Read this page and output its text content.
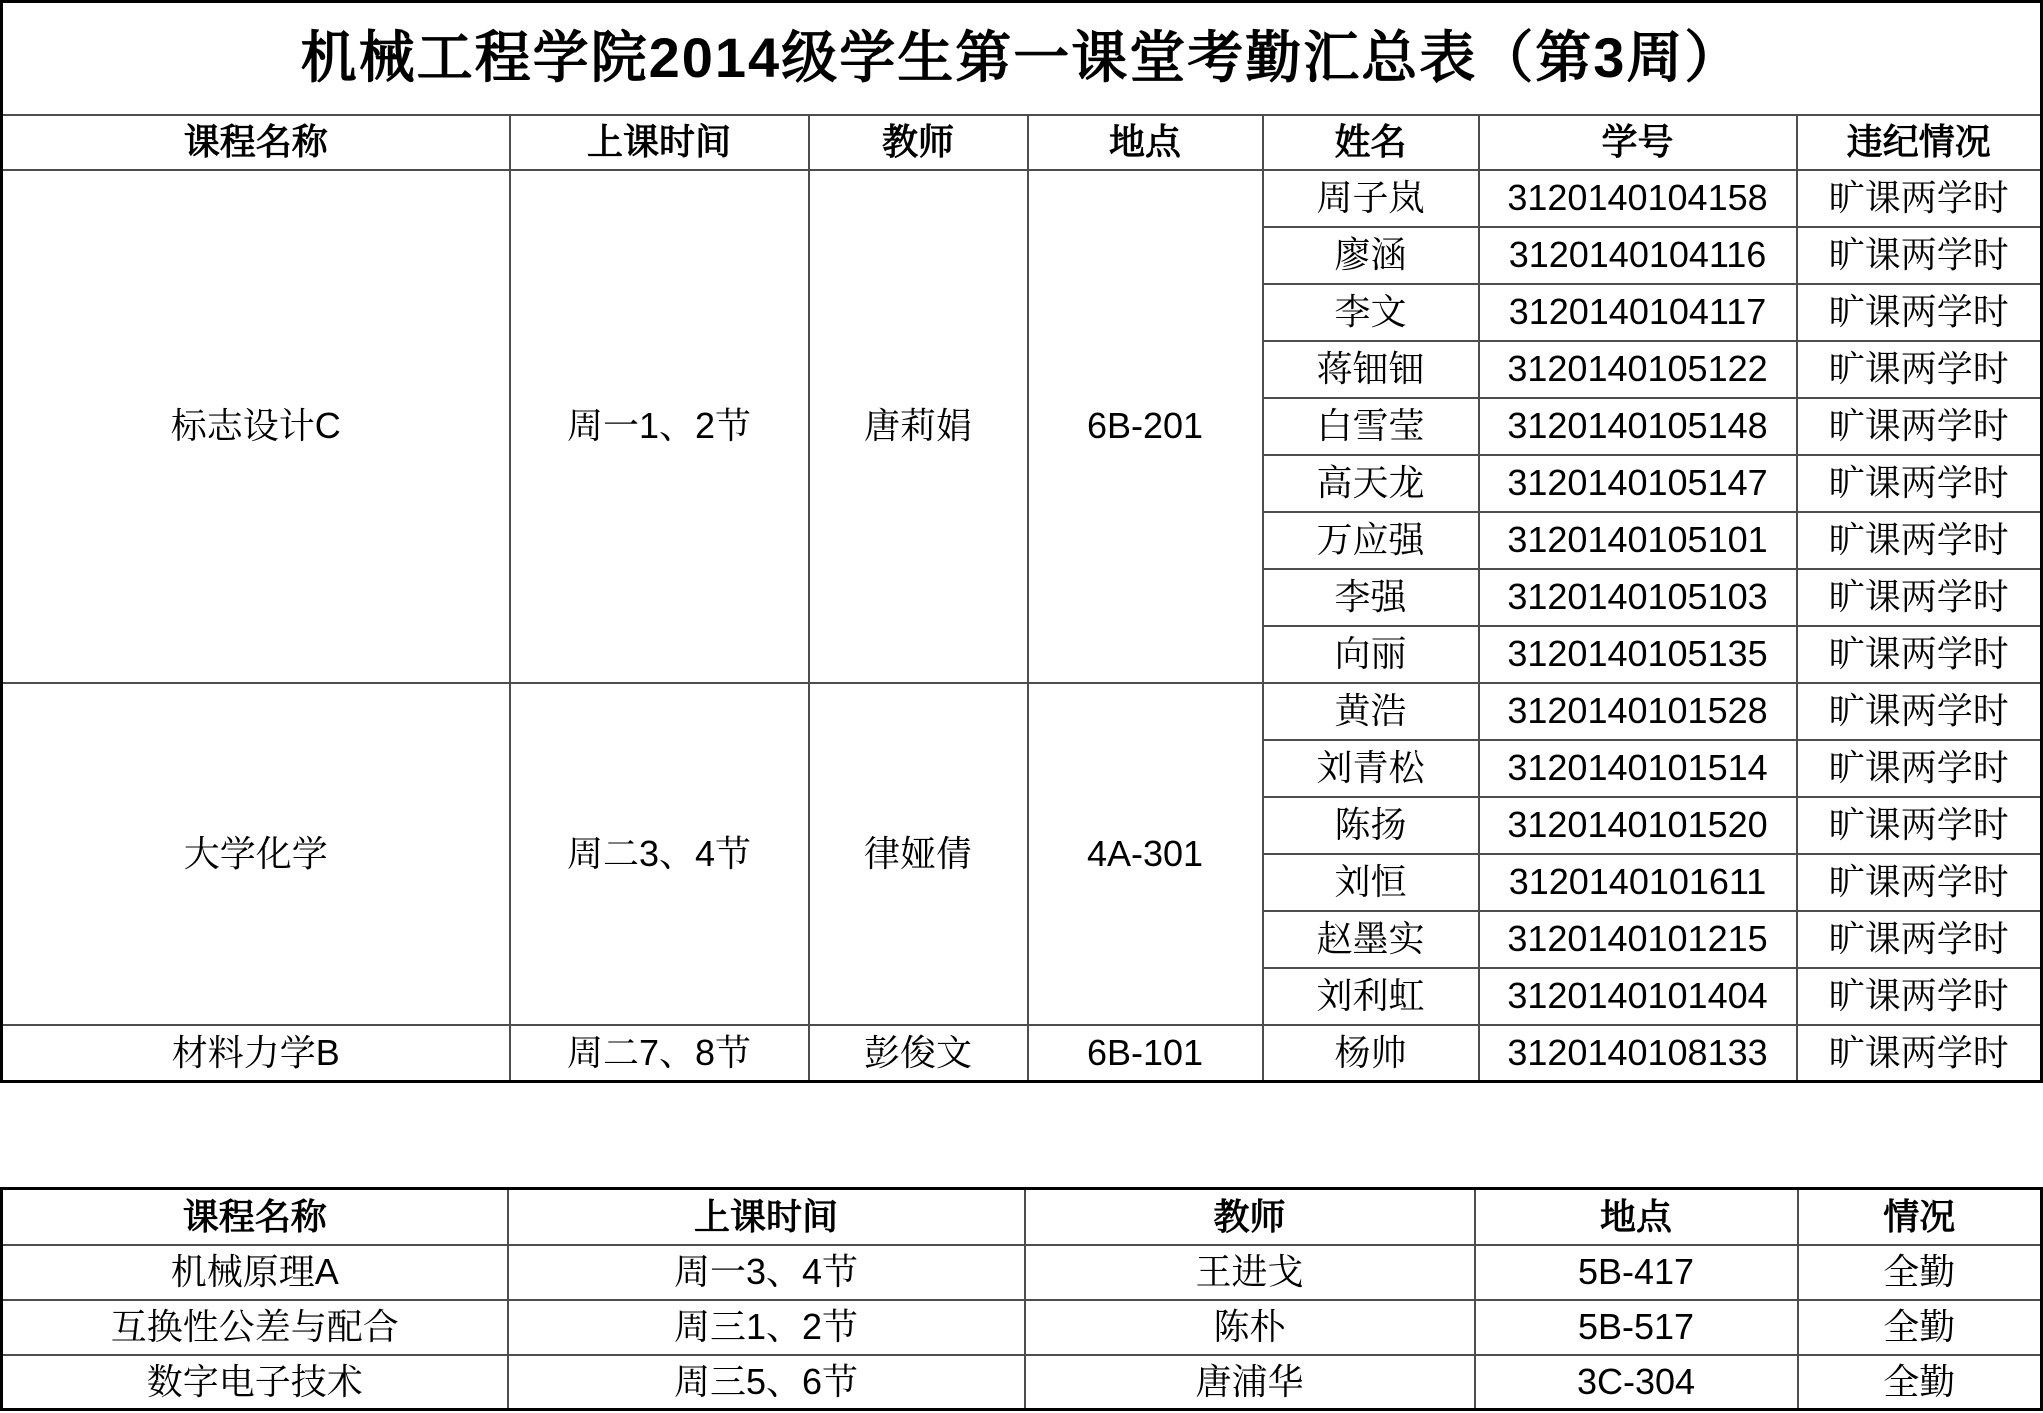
机械工程学院2014级学生第一课堂考勤汇总表（第3周）						
课程名称	上课时间	教师	地点	姓名	学号	违纪情况
标志设计C	周一1、2节	唐莉娟	6B-201	周子岚	3120140104158	旷课两学时
				廖涵	3120140104116	旷课两学时
				李文	3120140104117	旷课两学时
				蒋钿钿	3120140105122	旷课两学时
				白雪莹	3120140105148	旷课两学时
				高天龙	3120140105147	旷课两学时
				万应强	3120140105101	旷课两学时
				李强	3120140105103	旷课两学时
				向丽	3120140105135	旷课两学时
大学化学	周二3、4节	律娅倩	4A-301	黄浩	3120140101528	旷课两学时
				刘青松	3120140101514	旷课两学时
				陈扬	3120140101520	旷课两学时
				刘恒	3120140101611	旷课两学时
				赵墨实	3120140101215	旷课两学时
				刘利虹	3120140101404	旷课两学时
材料力学B	周二7、8节	彭俊文	6B-101	杨帅	3120140108133	旷课两学时
课程名称	上课时间	教师	地点	情况
机械原理A	周一3、4节	王进戈	5B-417	全勤
互换性公差与配合	周三1、2节	陈朴	5B-517	全勤
数字电子技术	周三5、6节	唐浦华	3C-304	全勤
